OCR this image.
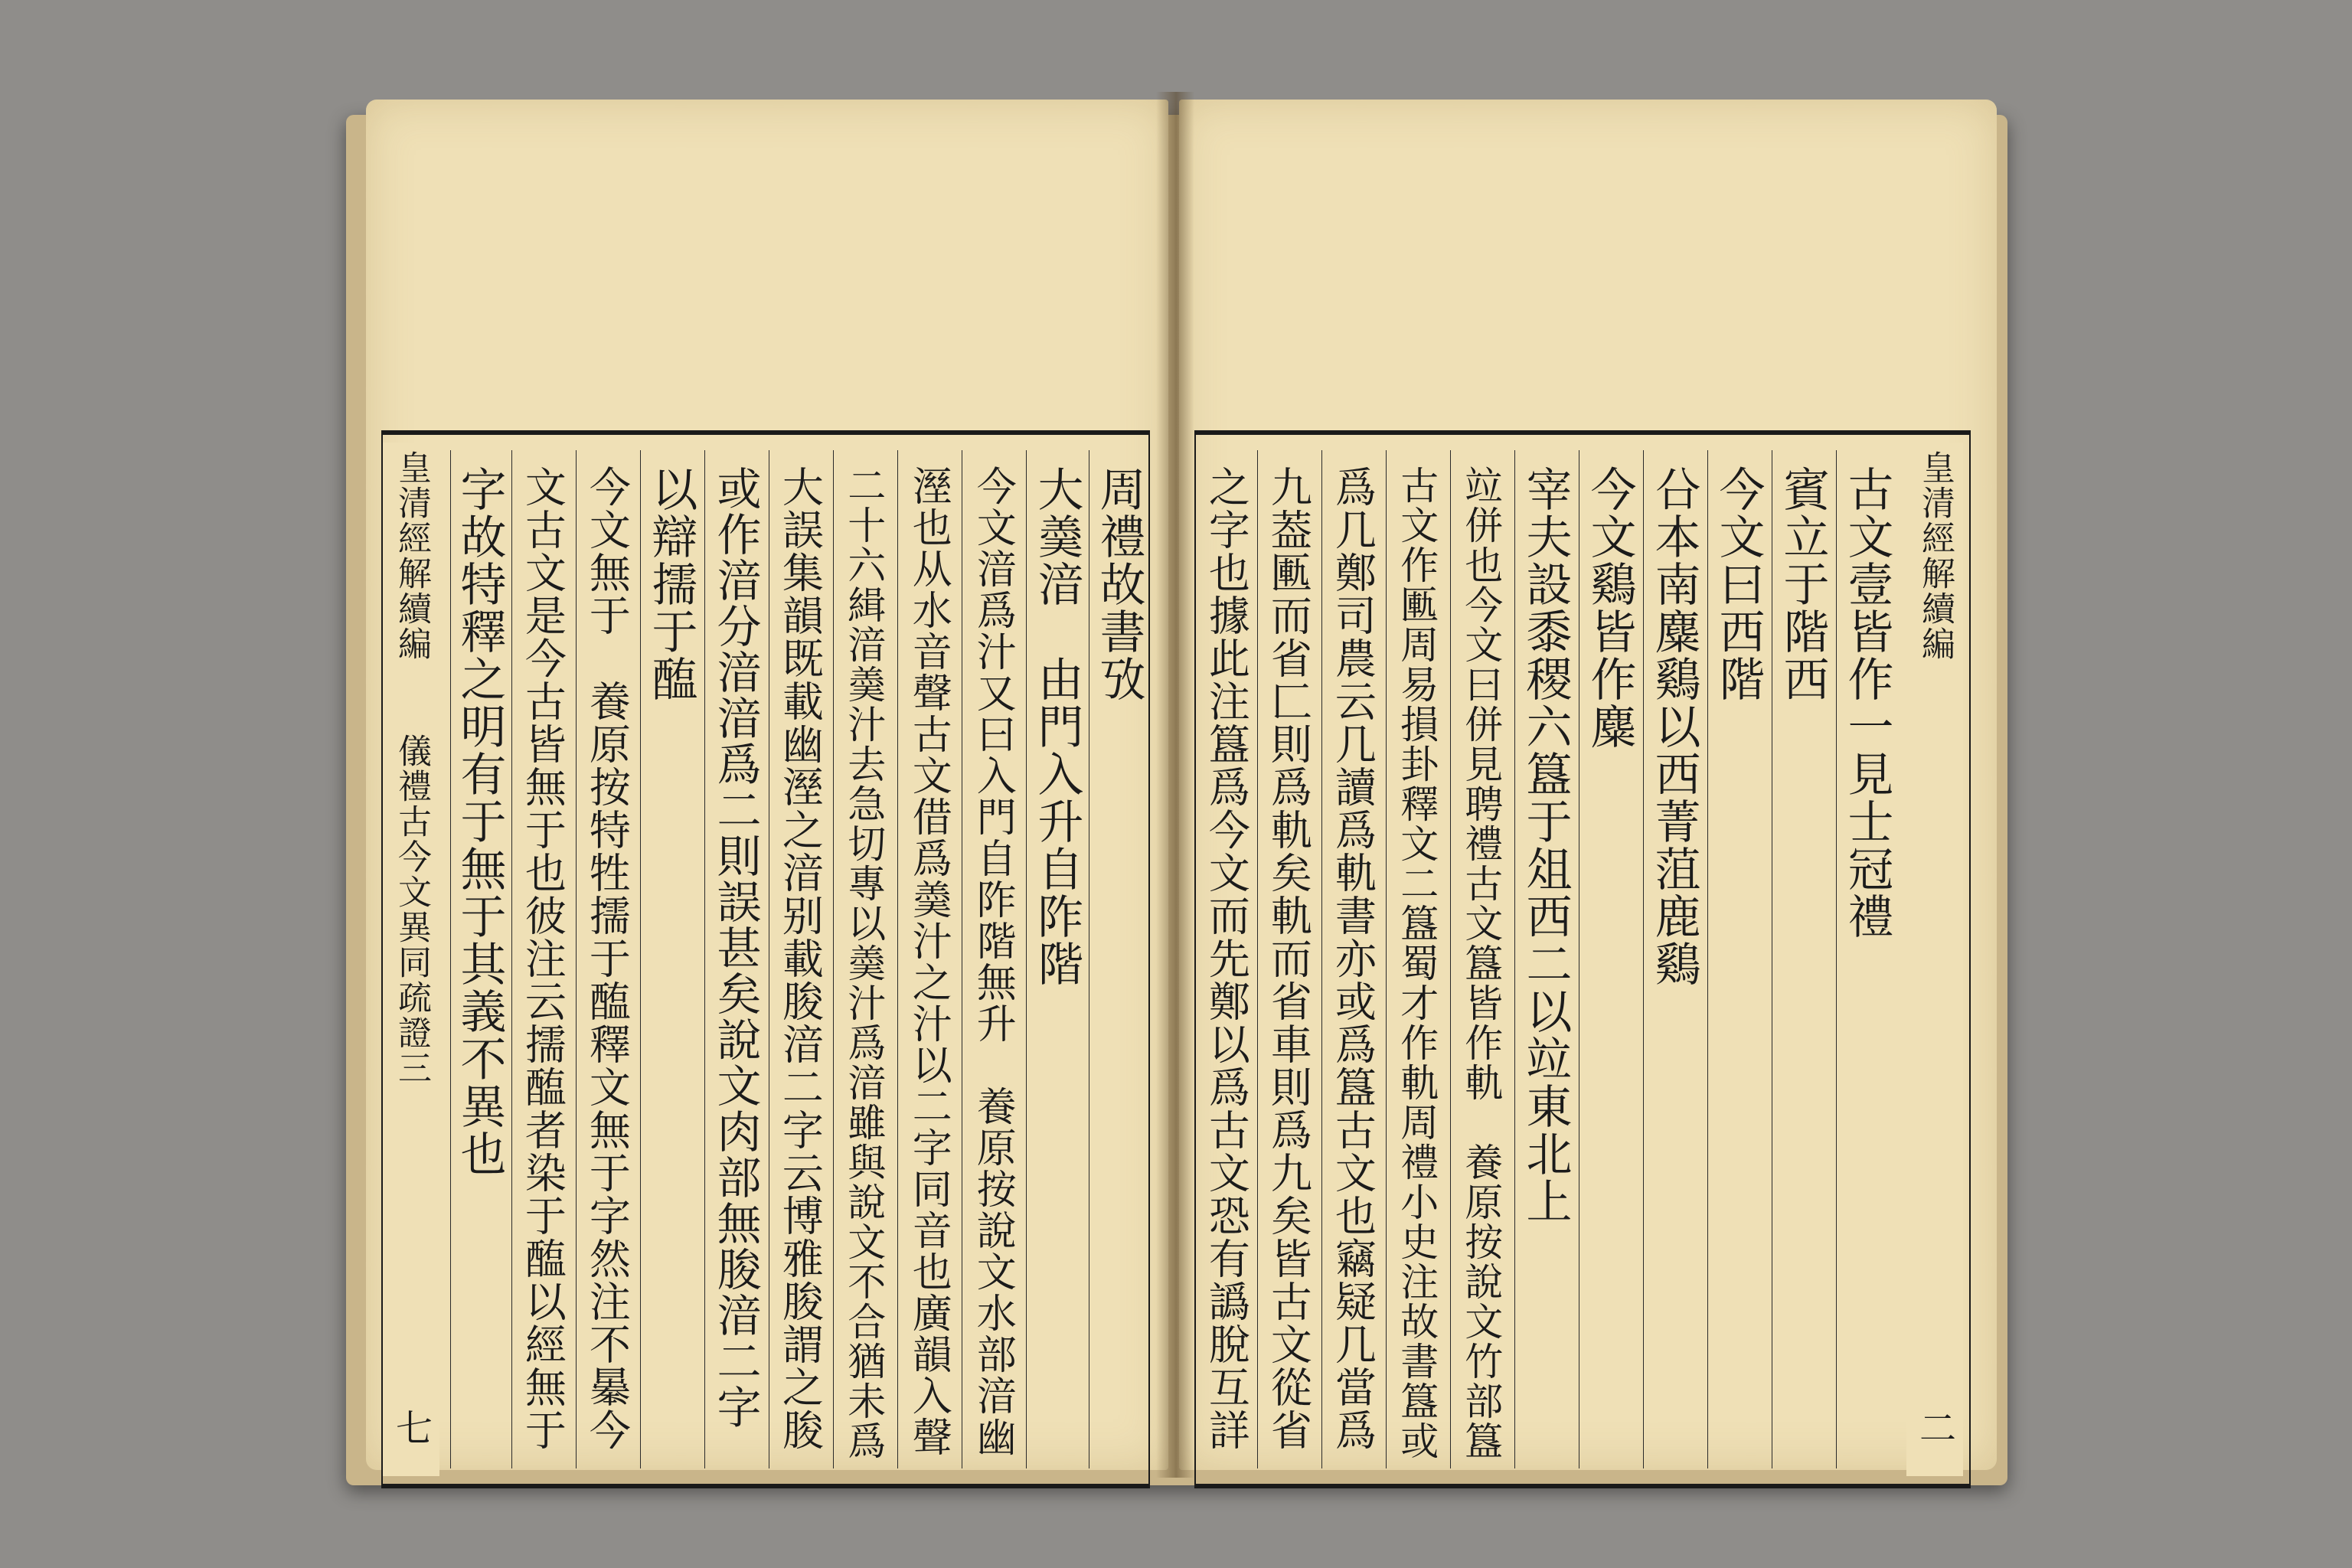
皇清經解續編
儀禮古今文異同疏證三
七
字故特釋之明有于無于其義不異也 文古文是今古皆無于也彼注云擩醢者染于醢以經無于 今文無于　養原按特牲擩于醢釋文無于字然注不曓今 以辯擩于醢 或作湆分湆湆爲二則誤甚矣說文肉部無朘湆二字 大誤集韻既載幽溼之湆别載朘湆二字云博雅朘謂之朘 二十六緝湆羮汁去急切專以羮汁爲湆雖與說文不合猶未爲 溼也从水音聲古文借爲羮汁之汁以二字同音也廣韻入聲 今文湆爲汁又曰入門自阼階無升　養原按說文水部湆幽 大羮湆　由門入升自阼階 周禮故書攷 之字也據此注簋爲今文而先鄭以爲古文恐有譌脫互詳 九葢匭而省匚則爲軌矣軌而省車則爲九矣皆古文從省 爲几鄭司農云几讀爲軌書亦或爲簋古文也竊疑几當爲 古文作匭周易損卦釋文二簋蜀才作軌周禮小史注故書簋或 竝併也今文曰併見聘禮古文簋皆作軌　養原按說文竹部簋 宰夫設黍稷六簋于俎西二以竝東北上 今文鷄皆作麋 㕣本南麋鷄以西菁菹鹿鷄 今文曰西階 賓立于階西 古文壹皆作一見士冠禮 皇清經解續編
二
